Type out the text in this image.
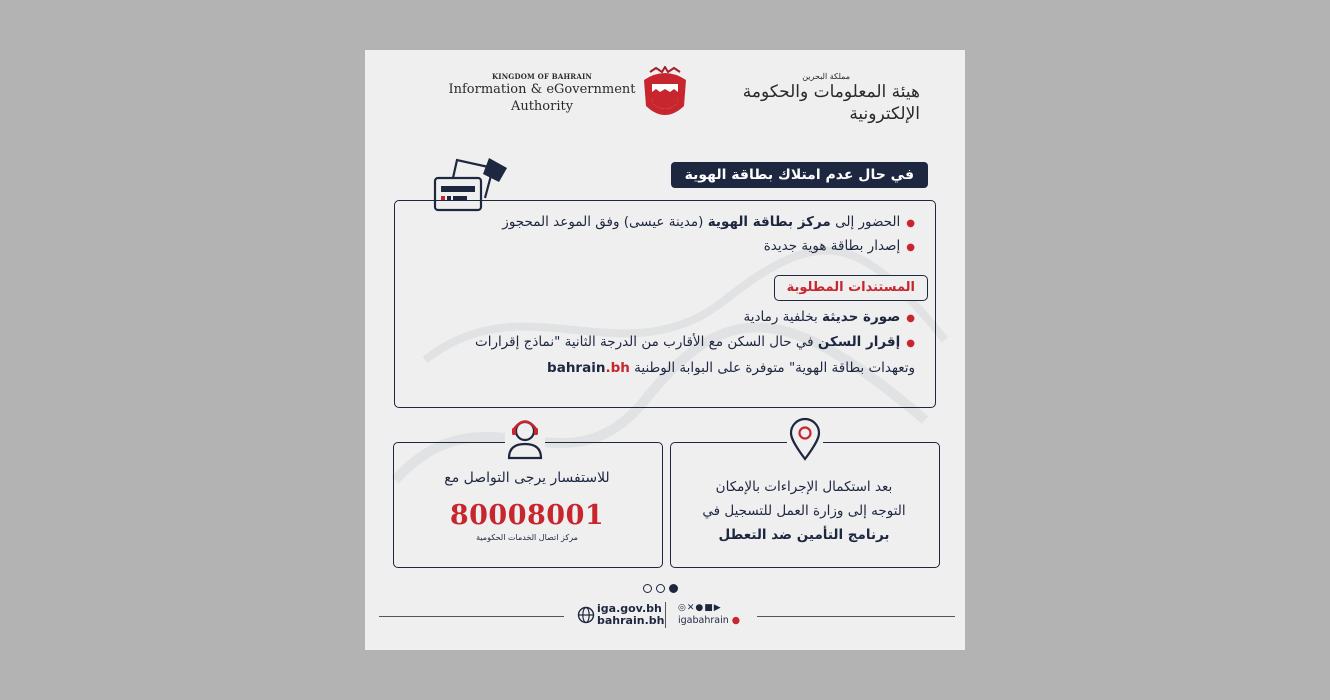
KINGDOM OF BAHRAIN
Information & eGovernment
Authority
مملكة البحرين
هيئة المعلومات والحكومة الإلكترونية
في حال عدم امتلاك بطاقة الهوية
●الحضور إلى مركز بطاقة الهوية (مدينة عيسى) وفق الموعد المحجوز
●إصدار بطاقة هوية جديدة
المستندات المطلوبة
●صورة حديثة بخلفية رمادية
●إقرار السكن في حال السكن مع الأقارب من الدرجة الثانية "نماذج إقرارات
وتعهدات بطاقة الهوية" متوفرة على البوابة الوطنية bahrain.bh
للاستفسار يرجى التواصل مع
80008001
مركز اتصال الخدمات الحكومية
بعد استكمال الإجراءات بالإمكان
التوجه إلى وزارة العمل للتسجيل في
برنامج التأمين ضد التعطل
iga.gov.bh
bahrain.bh
◎✕●■▶
igabahrain ●
